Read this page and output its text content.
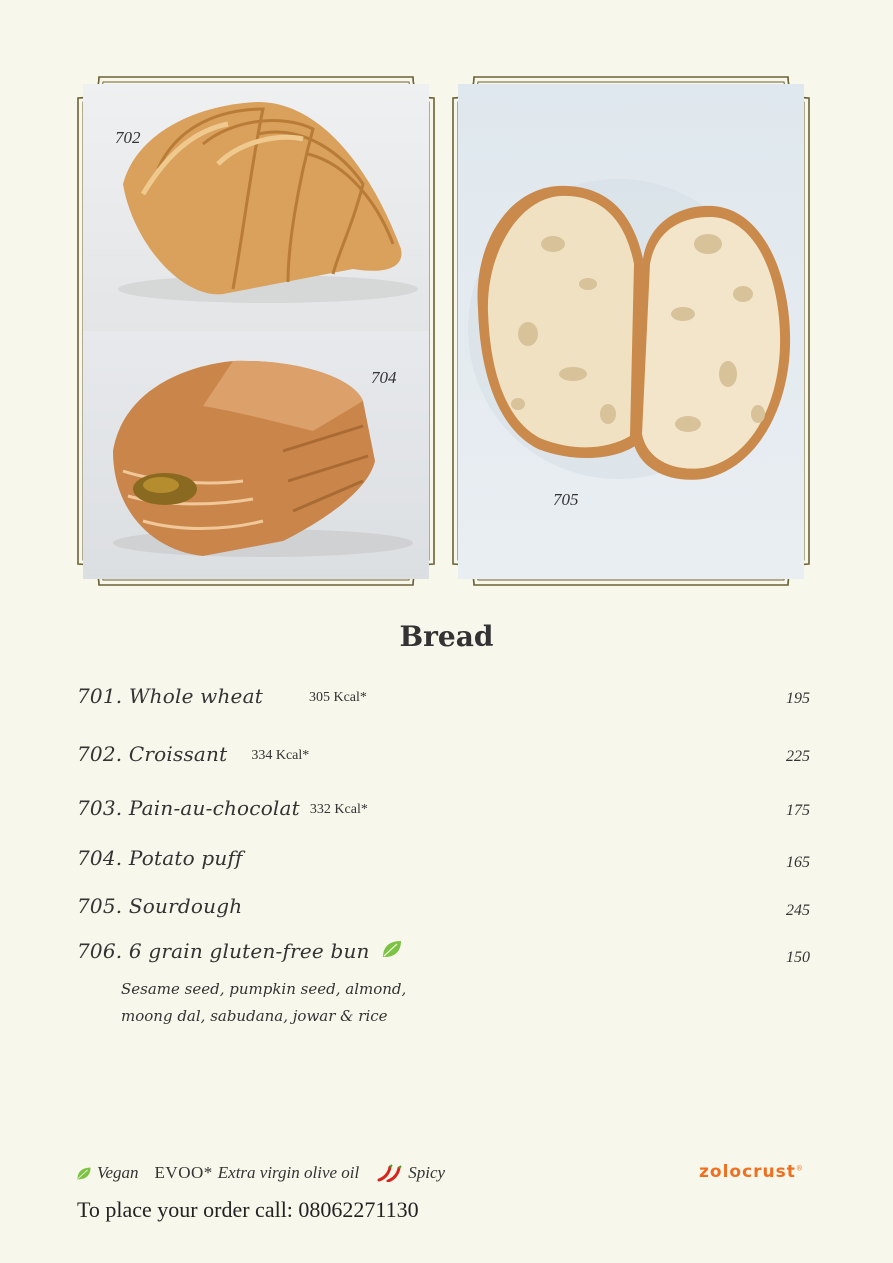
702
704
705
Bread
701. Whole wheat	305 Kcal*	195
702. Croissant 334 Kcal*	225
703. Pain-au-chocolat 332 Kcal*	175
704. Potato puff	165
705. Sourdough	245
706. 6 grain gluten-free bun	150
Sesame seed, pumpkin seed, almond,
moong dal, sabudana, jowar & rice
Vegan EVOO* Extra virgin olive oil	Spicy	zolocrust®
To place your order call: 08062271130
